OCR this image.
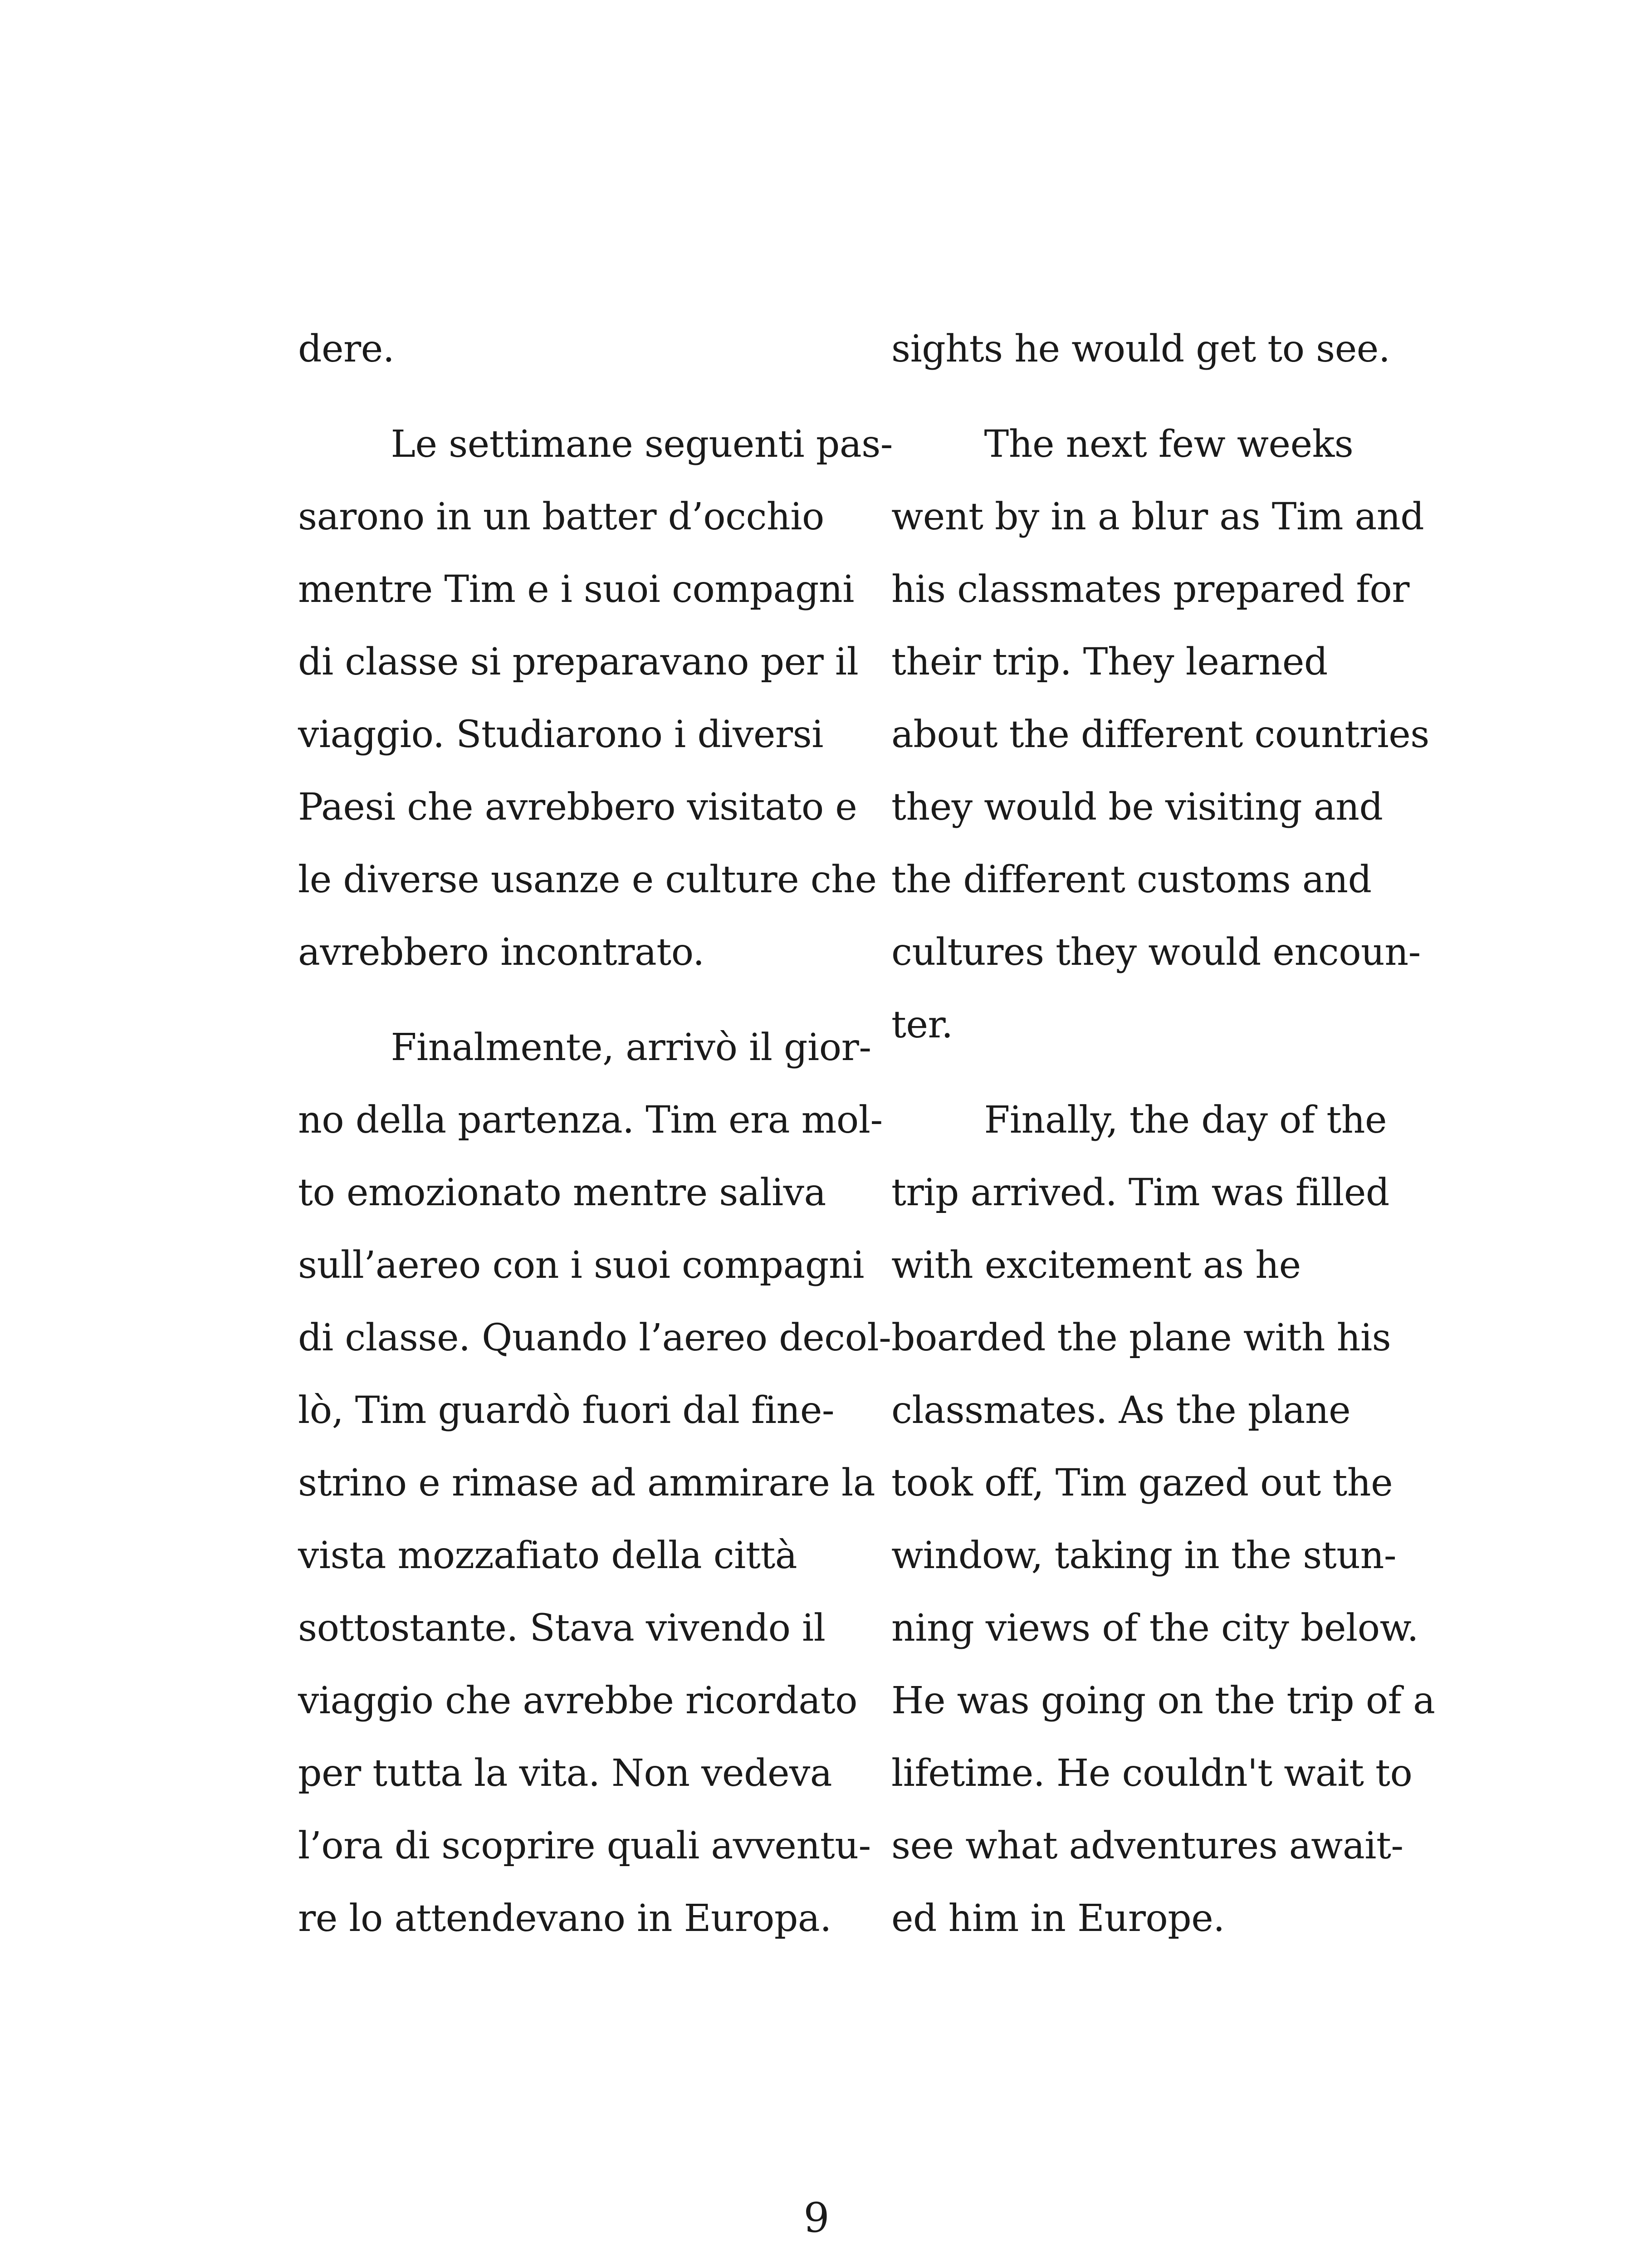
dere.
Le settimane seguenti pas-
sarono in un batter d’occhio
mentre Tim e i suoi compagni
di classe si preparavano per il
viaggio. Studiarono i diversi
Paesi che avrebbero visitato e
le diverse usanze e culture che
avrebbero incontrato.
Finalmente, arrivò il gior-
no della partenza. Tim era mol-
to emozionato mentre saliva
sull’aereo con i suoi compagni
di classe. Quando l’aereo decol-
lò, Tim guardò fuori dal fine-
strino e rimase ad ammirare la
vista mozzafiato della città
sottostante. Stava vivendo il
viaggio che avrebbe ricordato
per tutta la vita. Non vedeva
l’ora di scoprire quali avventu-
re lo attendevano in Europa.
sights he would get to see.
The next few weeks
went by in a blur as Tim and
his classmates prepared for
their trip. They learned
about the different countries
they would be visiting and
the different customs and
cultures they would encoun-
ter.
Finally, the day of the
trip arrived. Tim was filled
with excitement as he
boarded the plane with his
classmates. As the plane
took off, Tim gazed out the
window, taking in the stun-
ning views of the city below.
He was going on the trip of a
lifetime. He couldn't wait to
see what adventures await-
ed him in Europe.
9
